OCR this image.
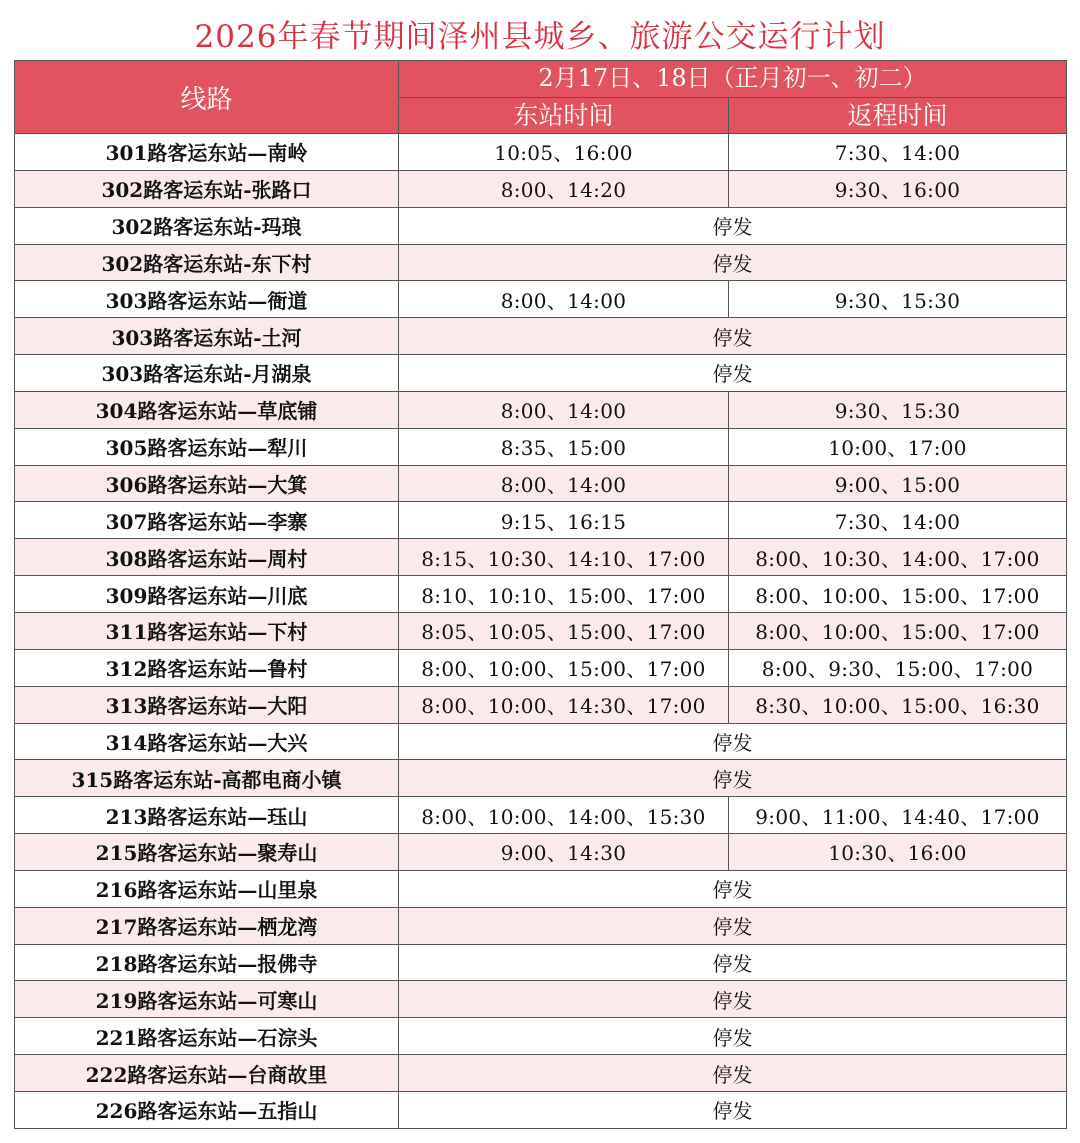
2026年春节期间泽州县城乡、旅游公交运行计划
线路	2月17日、18日（正月初一、初二）	
	东站时间	返程时间
301路客运东站—南岭	10:05、16:00	7:30、14:00
302路客运东站-张路口	8:00、14:20	9:30、16:00
302路客运东站-玛琅	停发	
302路客运东站-东下村	停发	
303路客运东站—衙道	8:00、14:00	9:30、15:30
303路客运东站-土河	停发	
303路客运东站-月湖泉	停发	
304路客运东站—草底铺	8:00、14:00	9:30、15:30
305路客运东站—犁川	8:35、15:00	10:00、17:00
306路客运东站—大箕	8:00、14:00	9:00、15:00
307路客运东站—李寨	9:15、16:15	7:30、14:00
308路客运东站—周村	8:15、10:30、14:10、17:00	8:00、10:30、14:00、17:00
309路客运东站—川底	8:10、10:10、15:00、17:00	8:00、10:00、15:00、17:00
311路客运东站—下村	8:05、10:05、15:00、17:00	8:00、10:00、15:00、17:00
312路客运东站—鲁村	8:00、10:00、15:00、17:00	8:00、9:30、15:00、17:00
313路客运东站—大阳	8:00、10:00、14:30、17:00	8:30、10:00、15:00、16:30
314路客运东站—大兴	停发	
315路客运东站-高都电商小镇	停发	
213路客运东站—珏山	8:00、10:00、14:00、15:30	9:00、11:00、14:40、17:00
215路客运东站—聚寿山	9:00、14:30	10:30、16:00
216路客运东站—山里泉	停发	
217路客运东站—栖龙湾	停发	
218路客运东站—报佛寺	停发	
219路客运东站—可寒山	停发	
221路客运东站—石淙头	停发	
222路客运东站—台商故里	停发	
226路客运东站—五指山	停发	
